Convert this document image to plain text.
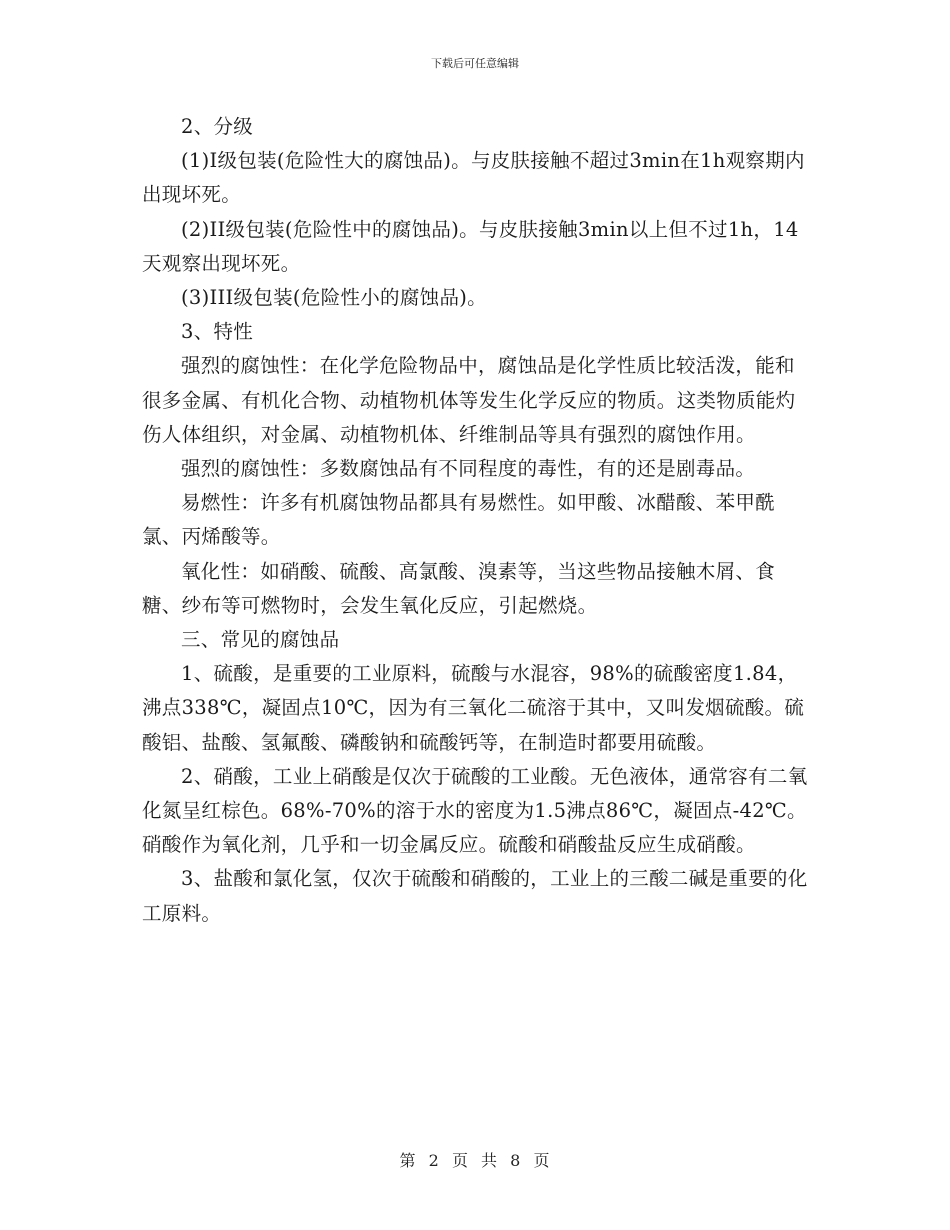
下载后可任意编辑

2、分级

(1)I级包装(危险性大的腐蚀品)。与皮肤接触不超过3min在1h观察期内出现坏死。

(2)II级包装(危险性中的腐蚀品)。与皮肤接触3min以上但不过1h，14天观察出现坏死。

(3)III级包装(危险性小的腐蚀品)。

3、特性

强烈的腐蚀性：在化学危险物品中，腐蚀品是化学性质比较活泼，能和很多金属、有机化合物、动植物机体等发生化学反应的物质。这类物质能灼伤人体组织，对金属、动植物机体、纤维制品等具有强烈的腐蚀作用。

强烈的腐蚀性：多数腐蚀品有不同程度的毒性，有的还是剧毒品。

易燃性：许多有机腐蚀物品都具有易燃性。如甲酸、冰醋酸、苯甲酰氯、丙烯酸等。

氧化性：如硝酸、硫酸、高氯酸、溴素等，当这些物品接触木屑、食糖、纱布等可燃物时，会发生氧化反应，引起燃烧。

三、常见的腐蚀品

1、硫酸，是重要的工业原料，硫酸与水混容，98%的硫酸密度1.84，沸点338℃，凝固点10℃，因为有三氧化二硫溶于其中，又叫发烟硫酸。硫酸铝、盐酸、氢氟酸、磷酸钠和硫酸钙等，在制造时都要用硫酸。

2、硝酸，工业上硝酸是仅次于硫酸的工业酸。无色液体，通常容有二氧化氮呈红棕色。68%-70%的溶于水的密度为1.5沸点86℃，凝固点-42℃。硝酸作为氧化剂，几乎和一切金属反应。硫酸和硝酸盐反应生成硝酸。

3、盐酸和氯化氢，仅次于硫酸和硝酸的，工业上的三酸二碱是重要的化工原料。

第 2 页 共 8 页
